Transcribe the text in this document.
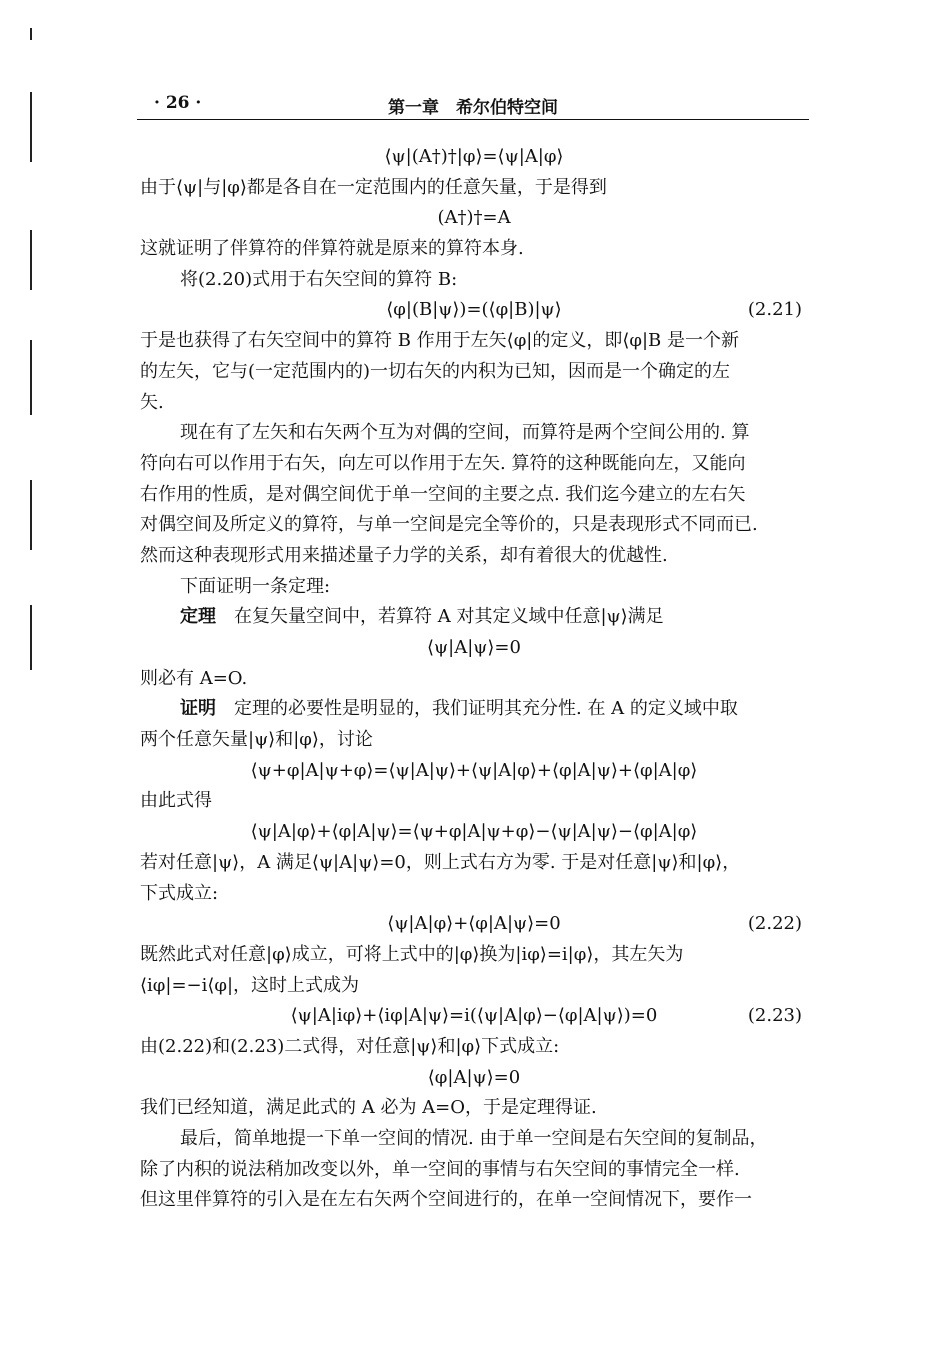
· 26 ·	第一章　希尔伯特空间
⟨ψ|(A†)†|φ⟩=⟨ψ|A|φ⟩
由于⟨ψ|与|φ⟩都是各自在一定范围内的任意矢量，于是得到
(A†)†=A
这就证明了伴算符的伴算符就是原来的算符本身.
将(2.20)式用于右矢空间的算符 B:
⟨φ|(B|ψ⟩)=(⟨φ|B)|ψ⟩	(2.21)
于是也获得了右矢空间中的算符 B 作用于左矢⟨φ|的定义，即⟨φ|B 是一个新
的左矢，它与(一定范围内的)一切右矢的内积为已知，因而是一个确定的左
矢.
现在有了左矢和右矢两个互为对偶的空间，而算符是两个空间公用的. 算
符向右可以作用于右矢，向左可以作用于左矢. 算符的这种既能向左，又能向
右作用的性质，是对偶空间优于单一空间的主要之点. 我们迄今建立的左右矢
对偶空间及所定义的算符，与单一空间是完全等价的，只是表现形式不同而已.
然而这种表现形式用来描述量子力学的关系，却有着很大的优越性.
下面证明一条定理:
定理　在复矢量空间中，若算符 A 对其定义域中任意|ψ⟩满足
⟨ψ|A|ψ⟩=0
则必有 A=O.
证明　定理的必要性是明显的，我们证明其充分性. 在 A 的定义域中取
两个任意矢量|ψ⟩和|φ⟩，讨论
⟨ψ+φ|A|ψ+φ⟩=⟨ψ|A|ψ⟩+⟨ψ|A|φ⟩+⟨φ|A|ψ⟩+⟨φ|A|φ⟩
由此式得
⟨ψ|A|φ⟩+⟨φ|A|ψ⟩=⟨ψ+φ|A|ψ+φ⟩−⟨ψ|A|ψ⟩−⟨φ|A|φ⟩
若对任意|ψ⟩，A 满足⟨ψ|A|ψ⟩=0，则上式右方为零. 于是对任意|ψ⟩和|φ⟩，
下式成立:
⟨ψ|A|φ⟩+⟨φ|A|ψ⟩=0	(2.22)
既然此式对任意|φ⟩成立，可将上式中的|φ⟩换为|iφ⟩=i|φ⟩，其左矢为
⟨iφ|=−i⟨φ|，这时上式成为
⟨ψ|A|iφ⟩+⟨iφ|A|ψ⟩=i(⟨ψ|A|φ⟩−⟨φ|A|ψ⟩)=0	(2.23)
由(2.22)和(2.23)二式得，对任意|ψ⟩和|φ⟩下式成立:
⟨φ|A|ψ⟩=0
我们已经知道，满足此式的 A 必为 A=O，于是定理得证.
最后，简单地提一下单一空间的情况. 由于单一空间是右矢空间的复制品，
除了内积的说法稍加改变以外，单一空间的事情与右矢空间的事情完全一样.
但这里伴算符的引入是在左右矢两个空间进行的，在单一空间情况下，要作一
